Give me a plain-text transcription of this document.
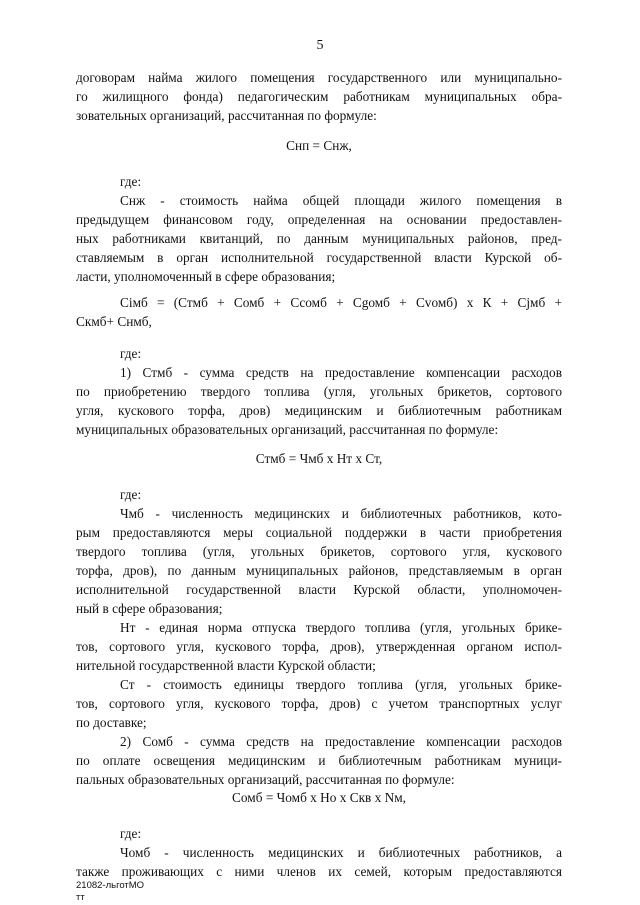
5
договорам найма жилого помещения государственного или муниципально-
го жилищного фонда) педагогическим работникам муниципальных обра-
зовательных организаций, рассчитанная по формуле:
Снп = Снж,
где:
Снж - стоимость найма общей площади жилого помещения в
предыдущем финансовом году, определенная на основании предоставлен-
ных работниками квитанций, по данным муниципальных районов, пред-
ставляемым в орган исполнительной государственной власти Курской об-
ласти, уполномоченный в сфере образования;
Сiмб = (Стмб + Сомб + Ссомб + Сgомб + Сvомб) х К + Сjмб +
Скмб+ Снмб,
где:
1) Стмб - сумма средств на предоставление компенсации расходов
по приобретению твердого топлива (угля, угольных брикетов, сортового
угля, кускового торфа, дров) медицинским и библиотечным работникам
муниципальных образовательных организаций, рассчитанная по формуле:
Стмб = Чмб х Нт х Ст,
где:
Чмб - численность медицинских и библиотечных работников, кото-
рым предоставляются меры социальной поддержки в части приобретения
твердого топлива (угля, угольных брикетов, сортового угля, кускового
торфа, дров), по данным муниципальных районов, представляемым в орган
исполнительной государственной власти Курской области, уполномочен-
ный в сфере образования;
Нт - единая норма отпуска твердого топлива (угля, угольных брике-
тов, сортового угля, кускового торфа, дров), утвержденная органом испол-
нительной государственной власти Курской области;
Ст - стоимость единицы твердого топлива (угля, угольных брике-
тов, сортового угля, кускового торфа, дров) с учетом транспортных услуг
по доставке;
2) Сомб - сумма средств на предоставление компенсации расходов
по оплате освещения медицинским и библиотечным работникам муници-
пальных образовательных организаций, рассчитанная по формуле:
Сомб = Чомб х Но х Скв х Nм,
где:
Чомб - численность медицинских и библиотечных работников, а
также проживающих с ними членов их семей, которым предоставляются
21082-льготМО
тт
